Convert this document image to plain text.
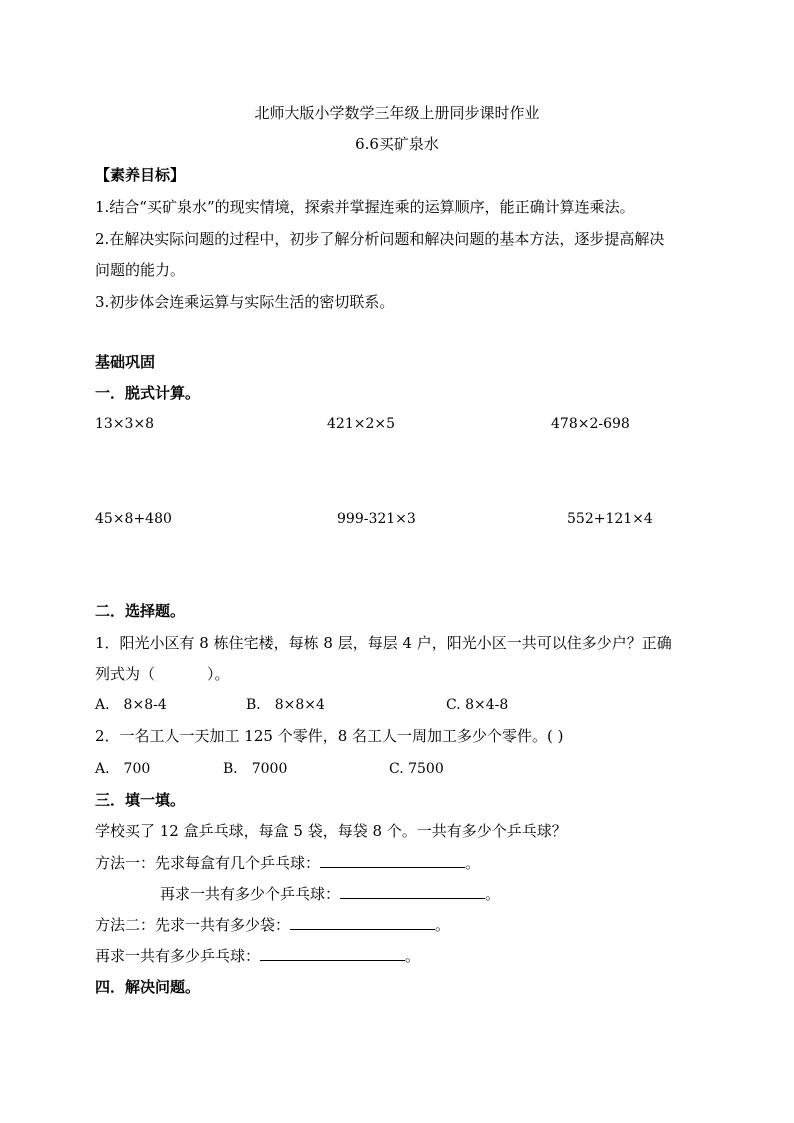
北师大版小学数学三年级上册同步课时作业
6.6买矿泉水
【素养目标】
1.结合“买矿泉水”的现实情境，探索并掌握连乘的运算顺序，能正确计算连乘法。
2.在解决实际问题的过程中，初步了解分析问题和解决问题的基本方法，逐步提高解决
问题的能力。
3.初步体会连乘运算与实际生活的密切联系。
基础巩固
一．脱式计算。
13×3×8	421×2×5	478×2-698
45×8+480	999-321×3	552+121×4
二．选择题。
1．阳光小区有 8 栋住宅楼，每栋 8 层，每层 4 户，阳光小区一共可以住多少户？正确
列式为（	）。
A． 8×8-4	B． 8×8×4	C. 8×4-8
2．一名工人一天加工 125 个零件，8 名工人一周加工多少个零件。( )
A． 700	B． 7000	C. 7500
三．填一填。
学校买了 12 盒乒乓球，每盒 5 袋，每袋 8 个。一共有多少个乒乓球？
方法一：先求每盒有几个乒乓球：	。
再求一共有多少个乒乓球：	。
方法二：先求一共有多少袋：	。
再求一共有多少乒乓球：	。
四．解决问题。
